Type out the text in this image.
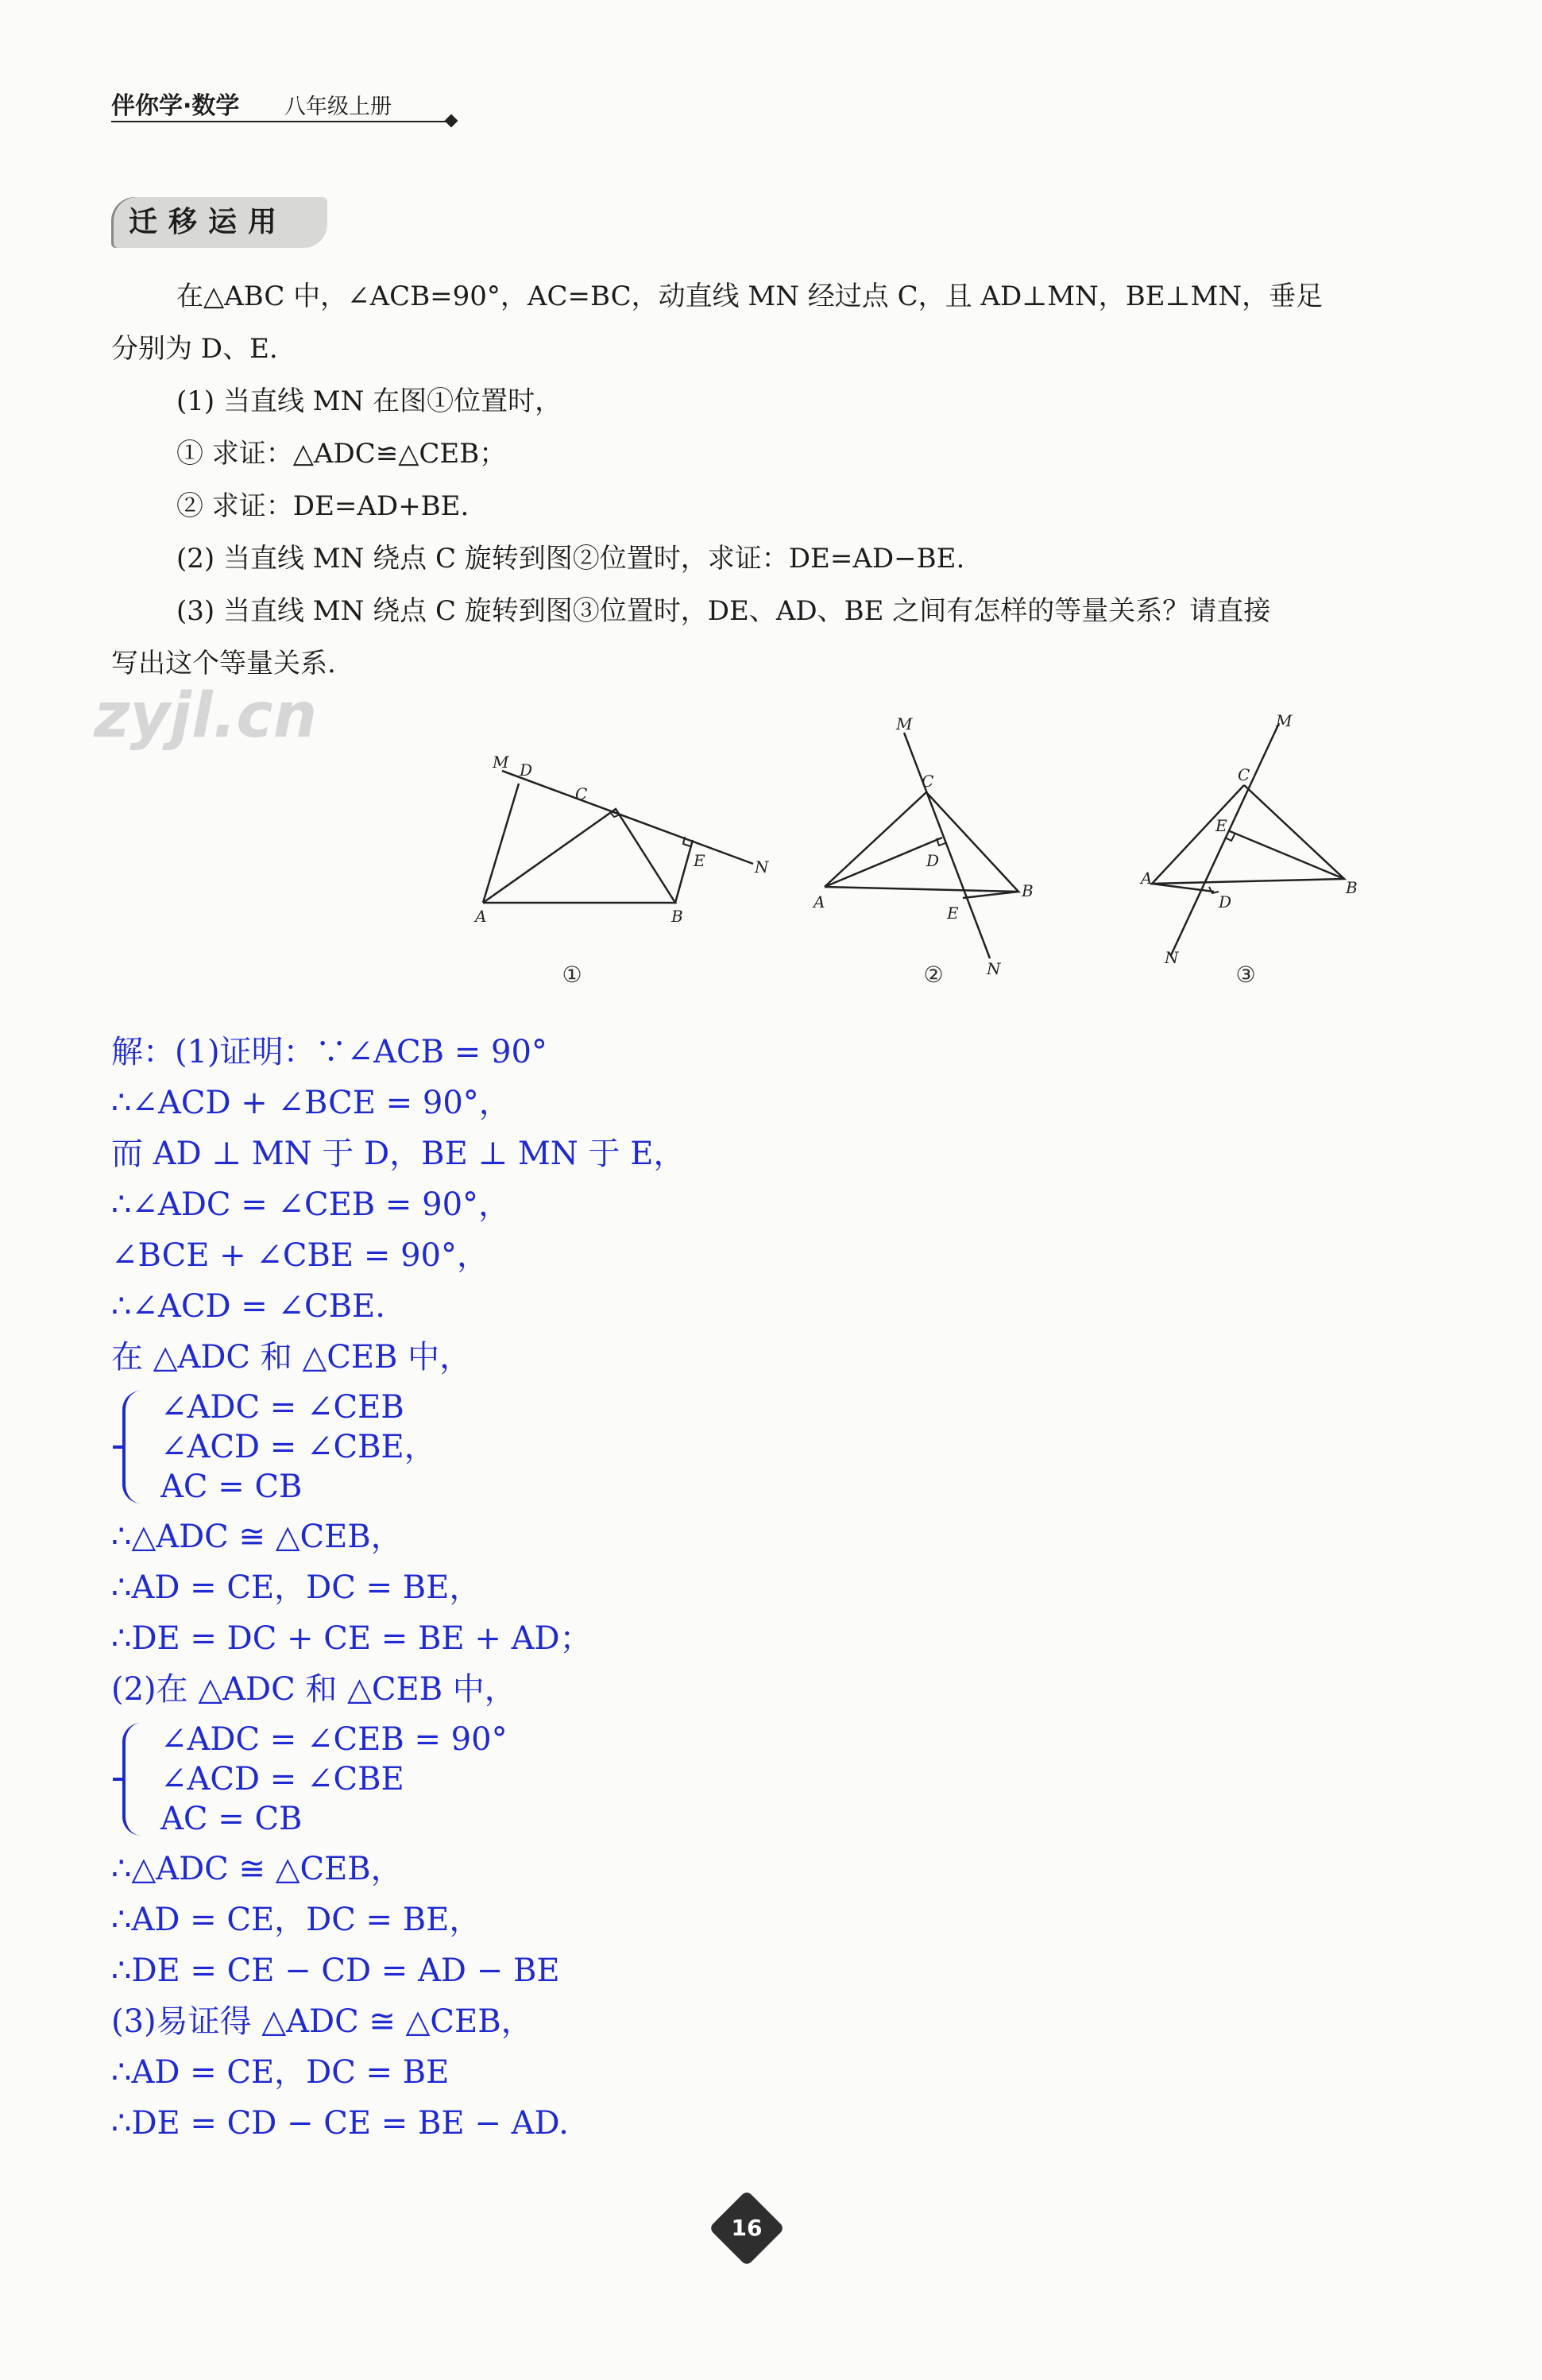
伴你学·数学 八年级上册
迁移运用

在△ABC 中，∠ACB=90°，AC=BC，动直线 MN 经过点 C，且 AD⊥MN，BE⊥MN，垂足

分别为 D、E.

(1) 当直线 MN 在图①位置时，

① 求证：△ADC≌△CEB；

② 求证：DE=AD+BE.

(2) 当直线 MN 绕点 C 旋转到图②位置时，求证：DE=AD−BE.

(3) 当直线 MN 绕点 C 旋转到图③位置时，DE、AD、BE 之间有怎样的等量关系？请直接

写出这个等量关系.

zyjl.cn
M D
C
E	N
A	B
①
M
C
D
A
B
E
N
②
M
C
E
A	B
D
N
③
解：(1)证明：∵∠ACB = 90°
∴∠ACD + ∠BCE = 90°，
而 AD ⊥ MN 于 D，BE ⊥ MN 于 E，
∴∠ADC = ∠CEB = 90°，
∠BCE + ∠CBE = 90°，
∴∠ACD = ∠CBE.
在 △ADC 和 △CEB 中，
∠ADC = ∠CEB
∠ACD = ∠CBE，
AC = CB
∴△ADC ≅ △CEB，
∴AD = CE，DC = BE，
∴DE = DC + CE = BE + AD；
(2)在 △ADC 和 △CEB 中，
∠ADC = ∠CEB = 90°
∠ACD = ∠CBE
AC = CB
∴△ADC ≅ △CEB，
∴AD = CE，DC = BE，
∴DE = CE − CD = AD − BE
(3)易证得 △ADC ≅ △CEB，
∴AD = CE，DC = BE
∴DE = CD − CE = BE − AD.
16
